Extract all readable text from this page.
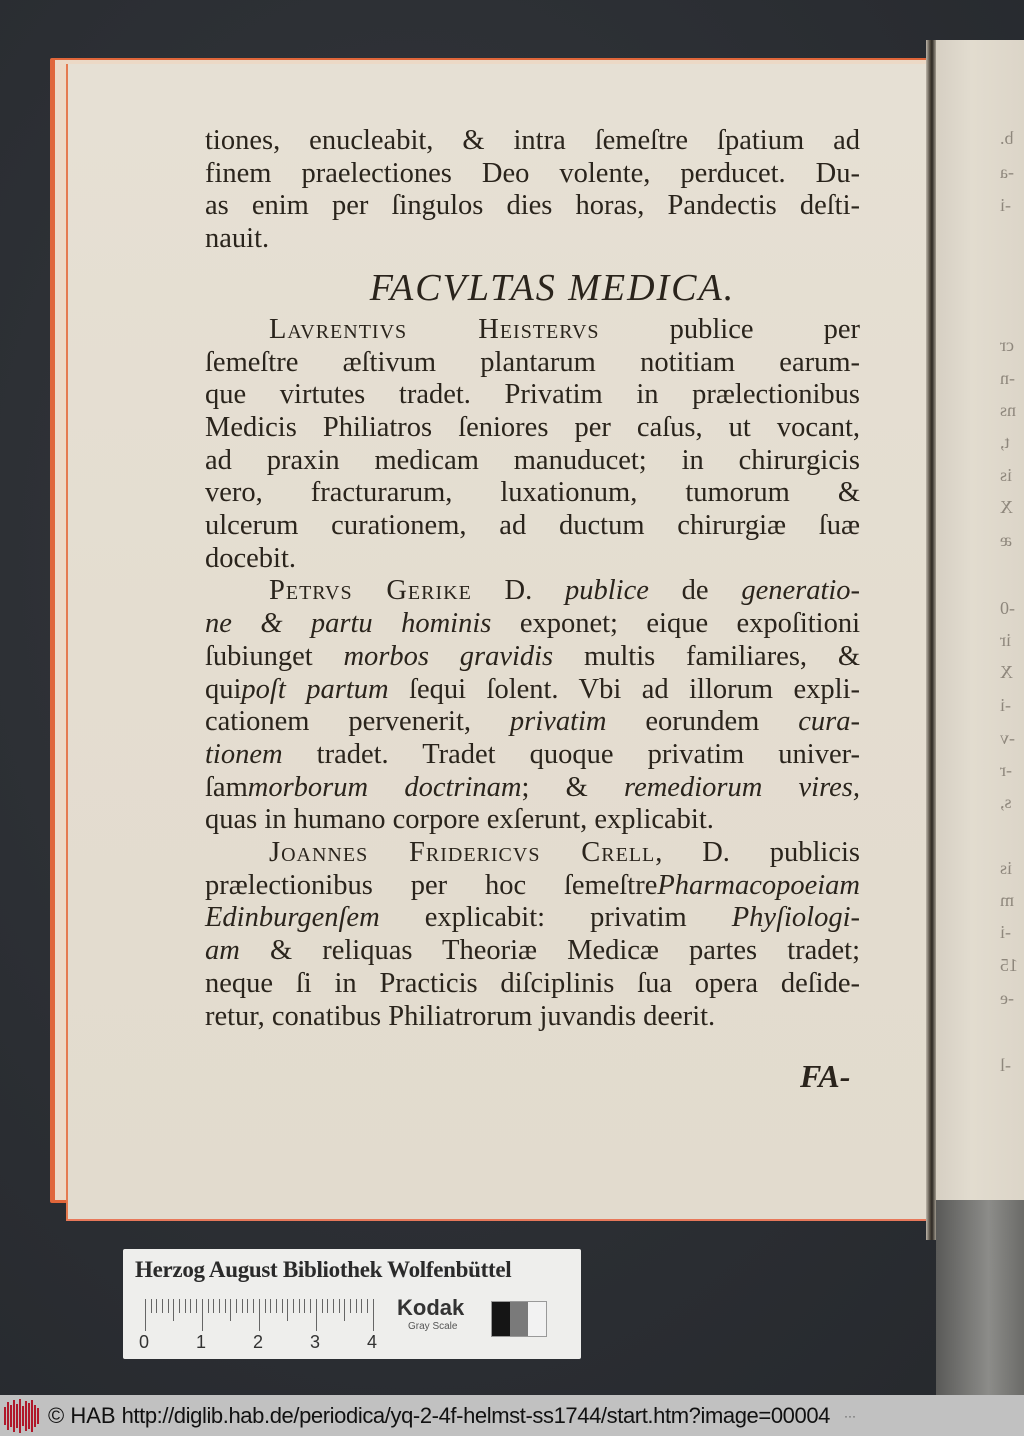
b.
-a
-i
cr
-n
ns
t,
is
X
æ
-0
ir
X
-i
-v
-r
s,
is
m
-i
15
-e
-l
tiones, enucleabit, & intra ſemeſtre ſpatium ad
finem praelectiones Deo volente, perducet. Du-
as enim per ſingulos dies horas, Pandectis deſti-
nauit.
FACVLTAS MEDICA.
Lavrentivs Heistervs publice per
ſemeſtre æſtivum plantarum notitiam earum-
que virtutes tradet. Privatim in prælectionibus
Medicis Philiatros ſeniores per caſus, ut vocant,
ad praxin medicam manuducet; in chirurgicis
vero, fracturarum, luxationum, tumorum &
ulcerum curationem, ad ductum chirurgiæ ſuæ
docebit.
Petrvs Gerike D. publice de generatio-
ne & partu hominis exponet; eique expoſitioni
ſubiunget morbos gravidis multis familiares, &
quipoſt partum ſequi ſolent. Vbi ad illorum expli-
cationem pervenerit, privatim eorundem cura-
tionem tradet. Tradet quoque privatim univer-
ſammorborum doctrinam; & remediorum vires,
quas in humano corpore exſerunt, explicabit.
Joannes Fridericvs Crell, D. publicis
prælectionibus per hoc ſemeſtrePharmacopoeiam
Edinburgenſem explicabit: privatim Phyſiologi-
am & reliquas Theoriæ Medicæ partes tradet;
neque ſi in Practicis diſciplinis ſua opera deſide-
retur, conatibus Philiatrorum juvandis deerit.
FA-
Herzog August Bibliothek Wolfenbüttel
0	1	2	3	4
Kodak
Gray Scale
© HAB http://diglib.hab.de/periodica/yq-2-4f-helmst-ss1744/start.htm?image=00004 ···
